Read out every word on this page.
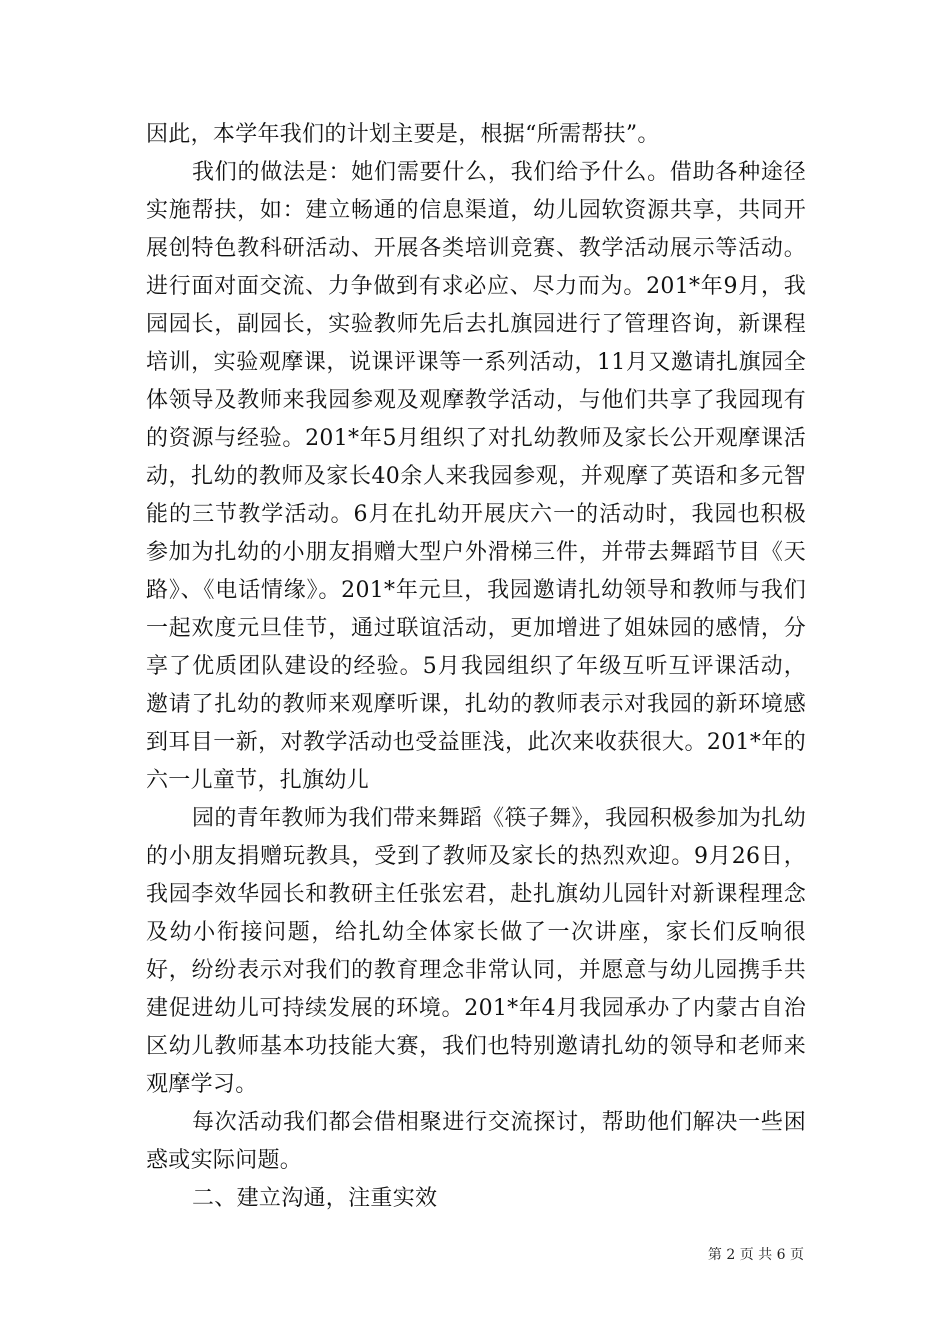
因此，本学年我们的计划主要是，根据“所需帮扶”。

我们的做法是：她们需要什么，我们给予什么。借助各种途径实施帮扶，如：建立畅通的信息渠道，幼儿园软资源共享，共同开展创特色教科研活动、开展各类培训竞赛、教学活动展示等活动。进行面对面交流、力争做到有求必应、尽力而为。201*年9月，我园园长，副园长，实验教师先后去扎旗园进行了管理咨询，新课程培训，实验观摩课，说课评课等一系列活动，11月又邀请扎旗园全体领导及教师来我园参观及观摩教学活动，与他们共享了我园现有的资源与经验。201*年5月组织了对扎幼教师及家长公开观摩课活动，扎幼的教师及家长40余人来我园参观，并观摩了英语和多元智能的三节教学活动。6月在扎幼开展庆六一的活动时，我园也积极参加为扎幼的小朋友捐赠大型户外滑梯三件，并带去舞蹈节目《天路》、《电话情缘》。201*年元旦，我园邀请扎幼领导和教师与我们一起欢度元旦佳节，通过联谊活动，更加增进了姐妹园的感情，分享了优质团队建设的经验。5月我园组织了年级互听互评课活动，邀请了扎幼的教师来观摩听课，扎幼的教师表示对我园的新环境感到耳目一新，对教学活动也受益匪浅，此次来收获很大。201*年的六一儿童节，扎旗幼儿

园的青年教师为我们带来舞蹈《筷子舞》，我园积极参加为扎幼的小朋友捐赠玩教具，受到了教师及家长的热烈欢迎。9月26日，我园李效华园长和教研主任张宏君，赴扎旗幼儿园针对新课程理念及幼小衔接问题，给扎幼全体家长做了一次讲座，家长们反响很好，纷纷表示对我们的教育理念非常认同，并愿意与幼儿园携手共建促进幼儿可持续发展的环境。201*年4月我园承办了内蒙古自治区幼儿教师基本功技能大赛，我们也特别邀请扎幼的领导和老师来观摩学习。

每次活动我们都会借相聚进行交流探讨，帮助他们解决一些困惑或实际问题。

二、建立沟通，注重实效

第 2 页 共 6 页
